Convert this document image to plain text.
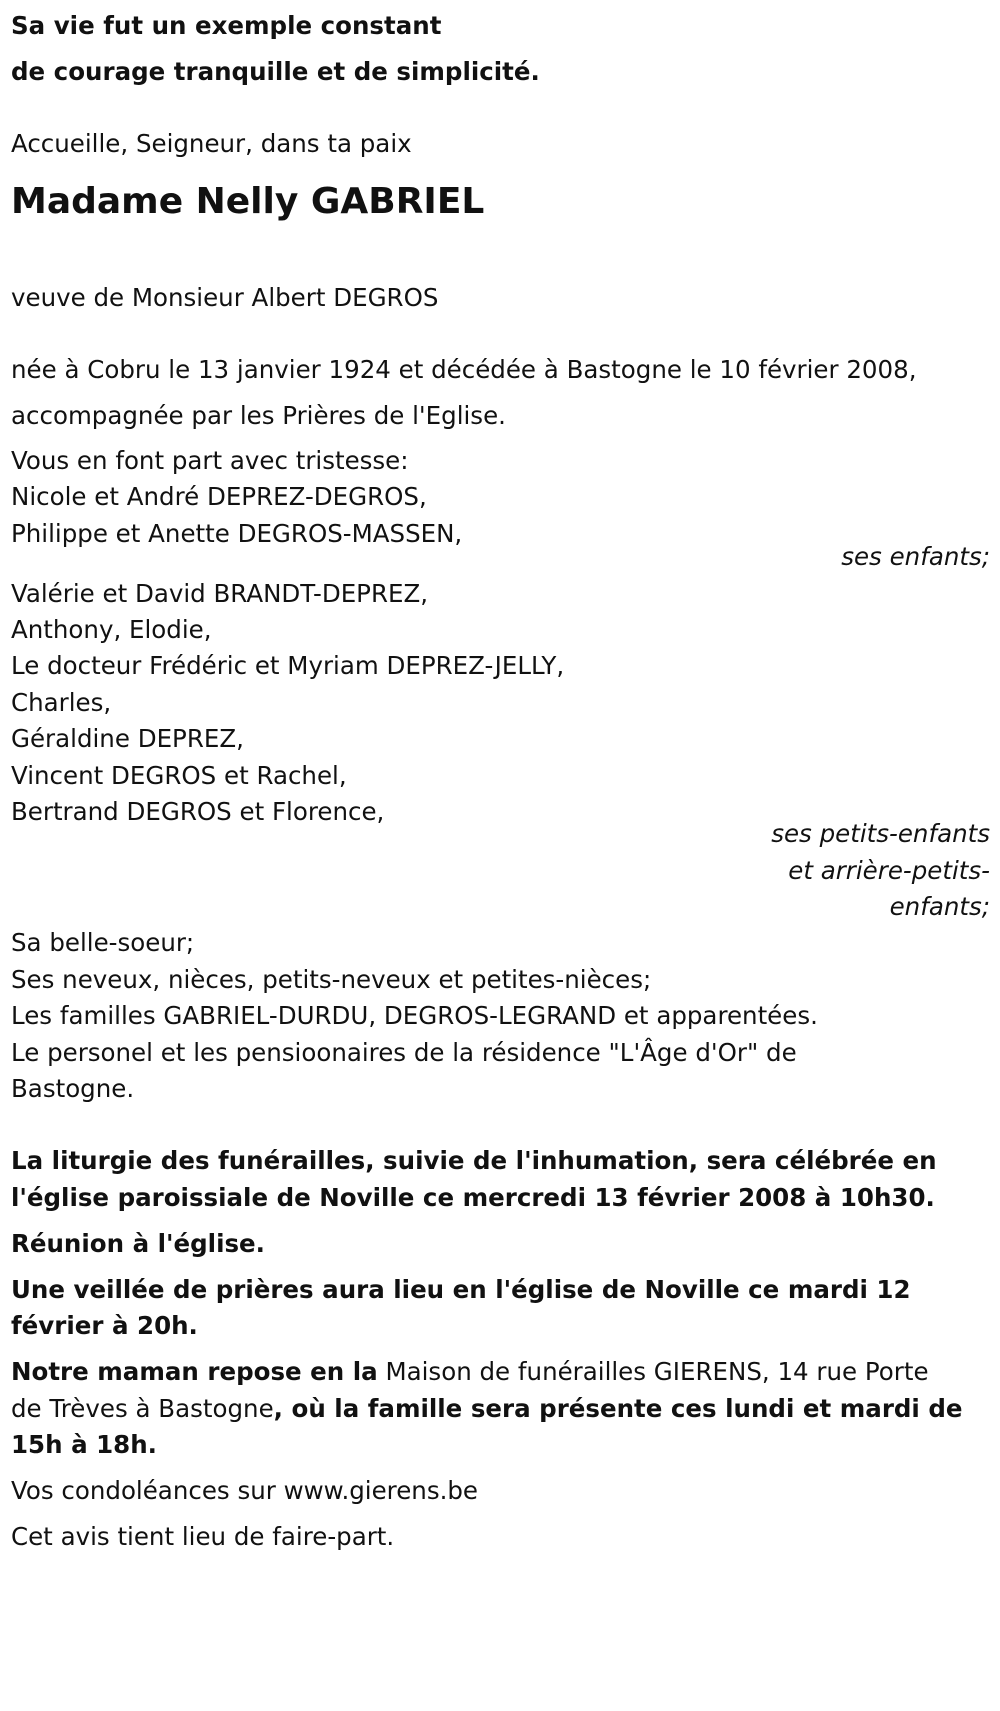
Sa vie fut un exemple constant
de courage tranquille et de simplicité.
Accueille, Seigneur, dans ta paix
Madame Nelly GABRIEL
veuve de Monsieur Albert DEGROS
née à Cobru le 13 janvier 1924 et décédée à Bastogne le 10 février 2008,
accompagnée par les Prières de l'Eglise.
Vous en font part avec tristesse:
Nicole et André DEPREZ-DEGROS,
Philippe et Anette DEGROS-MASSEN,
ses enfants;
Valérie et David BRANDT-DEPREZ,
Anthony, Elodie,
Le docteur Frédéric et Myriam DEPREZ-JELLY,
Charles,
Géraldine DEPREZ,
Vincent DEGROS et Rachel,
Bertrand DEGROS et Florence,
ses petits-enfants
et arrière-petits-
enfants;
Sa belle-soeur;
Ses neveux, nièces, petits-neveux et petites-nièces;
Les familles GABRIEL-DURDU, DEGROS-LEGRAND et apparentées.
Le personel et les pensioonaires de la résidence "L'Âge d'Or" de
Bastogne.
La liturgie des funérailles, suivie de l'inhumation, sera célébrée en
l'église paroissiale de Noville ce mercredi 13 février 2008 à 10h30.
Réunion à l'église.
Une veillée de prières aura lieu en l'église de Noville ce mardi 12
février à 20h.
Notre maman repose en la Maison de funérailles GIERENS, 14 rue Porte
de Trèves à Bastogne, où la famille sera présente ces lundi et mardi de
15h à 18h.
Vos condoléances sur www.gierens.be
Cet avis tient lieu de faire-part.
